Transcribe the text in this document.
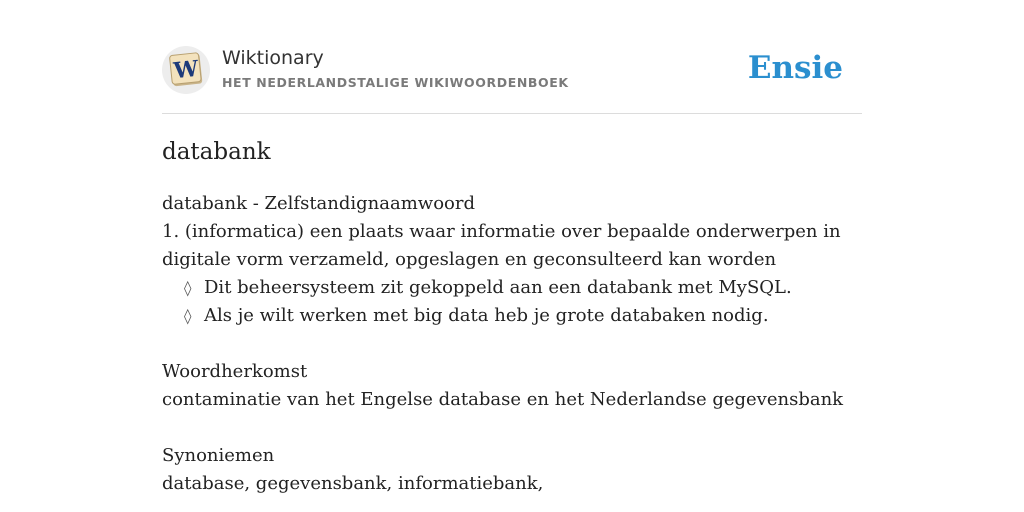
W Wiktionary
HET NEDERLANDSTALIGE WIKIWOORDENBOEK	Ensie
databank
databank - Zelfstandignaamwoord
1. (informatica) een plaats waar informatie over bepaalde onderwerpen in
digitale vorm verzameld, opgeslagen en geconsulteerd kan worden
◊ Dit beheersysteem zit gekoppeld aan een databank met MySQL.
◊ Als je wilt werken met big data heb je grote databaken nodig.
Woordherkomst
contaminatie van het Engelse database en het Nederlandse gegevensbank
Synoniemen
database, gegevensbank, informatiebank,
